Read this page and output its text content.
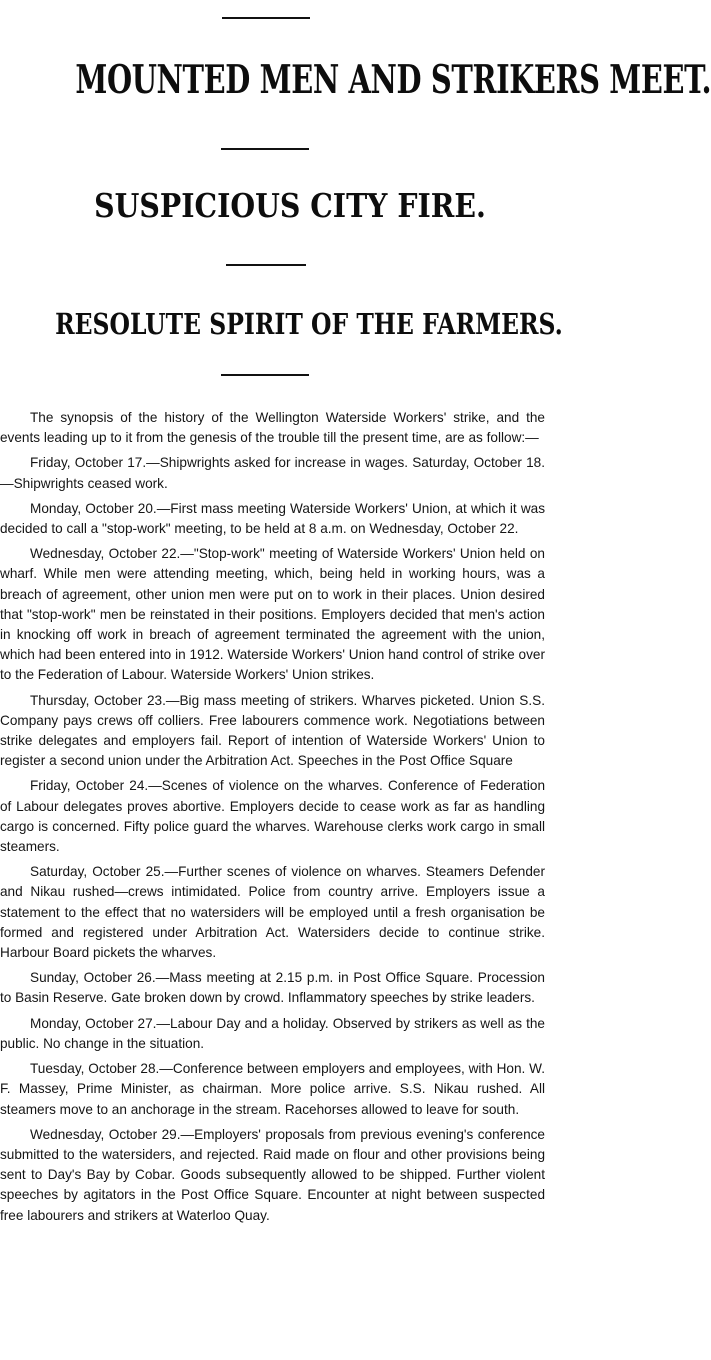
MOUNTED MEN AND STRIKERS MEET.
SUSPICIOUS CITY FIRE.
RESOLUTE SPIRIT OF THE FARMERS.

The synopsis of the history of the Wellington Waterside Workers' strike, and the events leading up to it from the genesis of the trouble till the present time, are as follow:—

Friday, October 17.—Shipwrights asked for increase in wages. Saturday, October 18.—Shipwrights ceased work.

Monday, October 20.—First mass meeting Waterside Workers' Union, at which it was decided to call a "stop-work" meeting, to be held at 8 a.m. on Wednesday, October 22.

Wednesday, October 22.—"Stop-work" meeting of Waterside Workers' Union held on wharf. While men were attending meeting, which, being held in working hours, was a breach of agreement, other union men were put on to work in their places. Union desired that "stop-work" men be reinstated in their positions. Employers decided that men's action in knocking off work in breach of agreement terminated the agreement with the union, which had been entered into in 1912. Waterside Workers' Union hand control of strike over to the Federation of Labour. Waterside Workers' Union strikes.

Thursday, October 23.—Big mass meeting of strikers. Wharves picketed. Union S.S. Company pays crews off colliers. Free labourers commence work. Negotiations between strike delegates and employers fail. Report of intention of Waterside Workers' Union to register a second union under the Arbitration Act. Speeches in the Post Office Square

Friday, October 24.—Scenes of violence on the wharves. Conference of Federation of Labour delegates proves abortive. Employers decide to cease work as far as handling cargo is concerned. Fifty police guard the wharves. Warehouse clerks work cargo in small steamers.

Saturday, October 25.—Further scenes of violence on wharves. Steamers Defender and Nikau rushed—crews intimidated. Police from country arrive. Employers issue a statement to the effect that no watersiders will be employed until a fresh organisation be formed and registered under Arbitration Act. Watersiders decide to continue strike. Harbour Board pickets the wharves.

Sunday, October 26.—Mass meeting at 2.15 p.m. in Post Office Square. Procession to Basin Reserve. Gate broken down by crowd. Inflammatory speeches by strike leaders.

Monday, October 27.—Labour Day and a holiday. Observed by strikers as well as the public. No change in the situation.

Tuesday, October 28.—Conference between employers and employees, with Hon. W. F. Massey, Prime Minister, as chairman. More police arrive. S.S. Nikau rushed. All steamers move to an anchorage in the stream. Racehorses allowed to leave for south.

Wednesday, October 29.—Employers' proposals from previous evening's conference submitted to the watersiders, and rejected. Raid made on flour and other provisions being sent to Day's Bay by Cobar. Goods subsequently allowed to be shipped. Further violent speeches by agitators in the Post Office Square. Encounter at night between suspected free labourers and strikers at Waterloo Quay.
